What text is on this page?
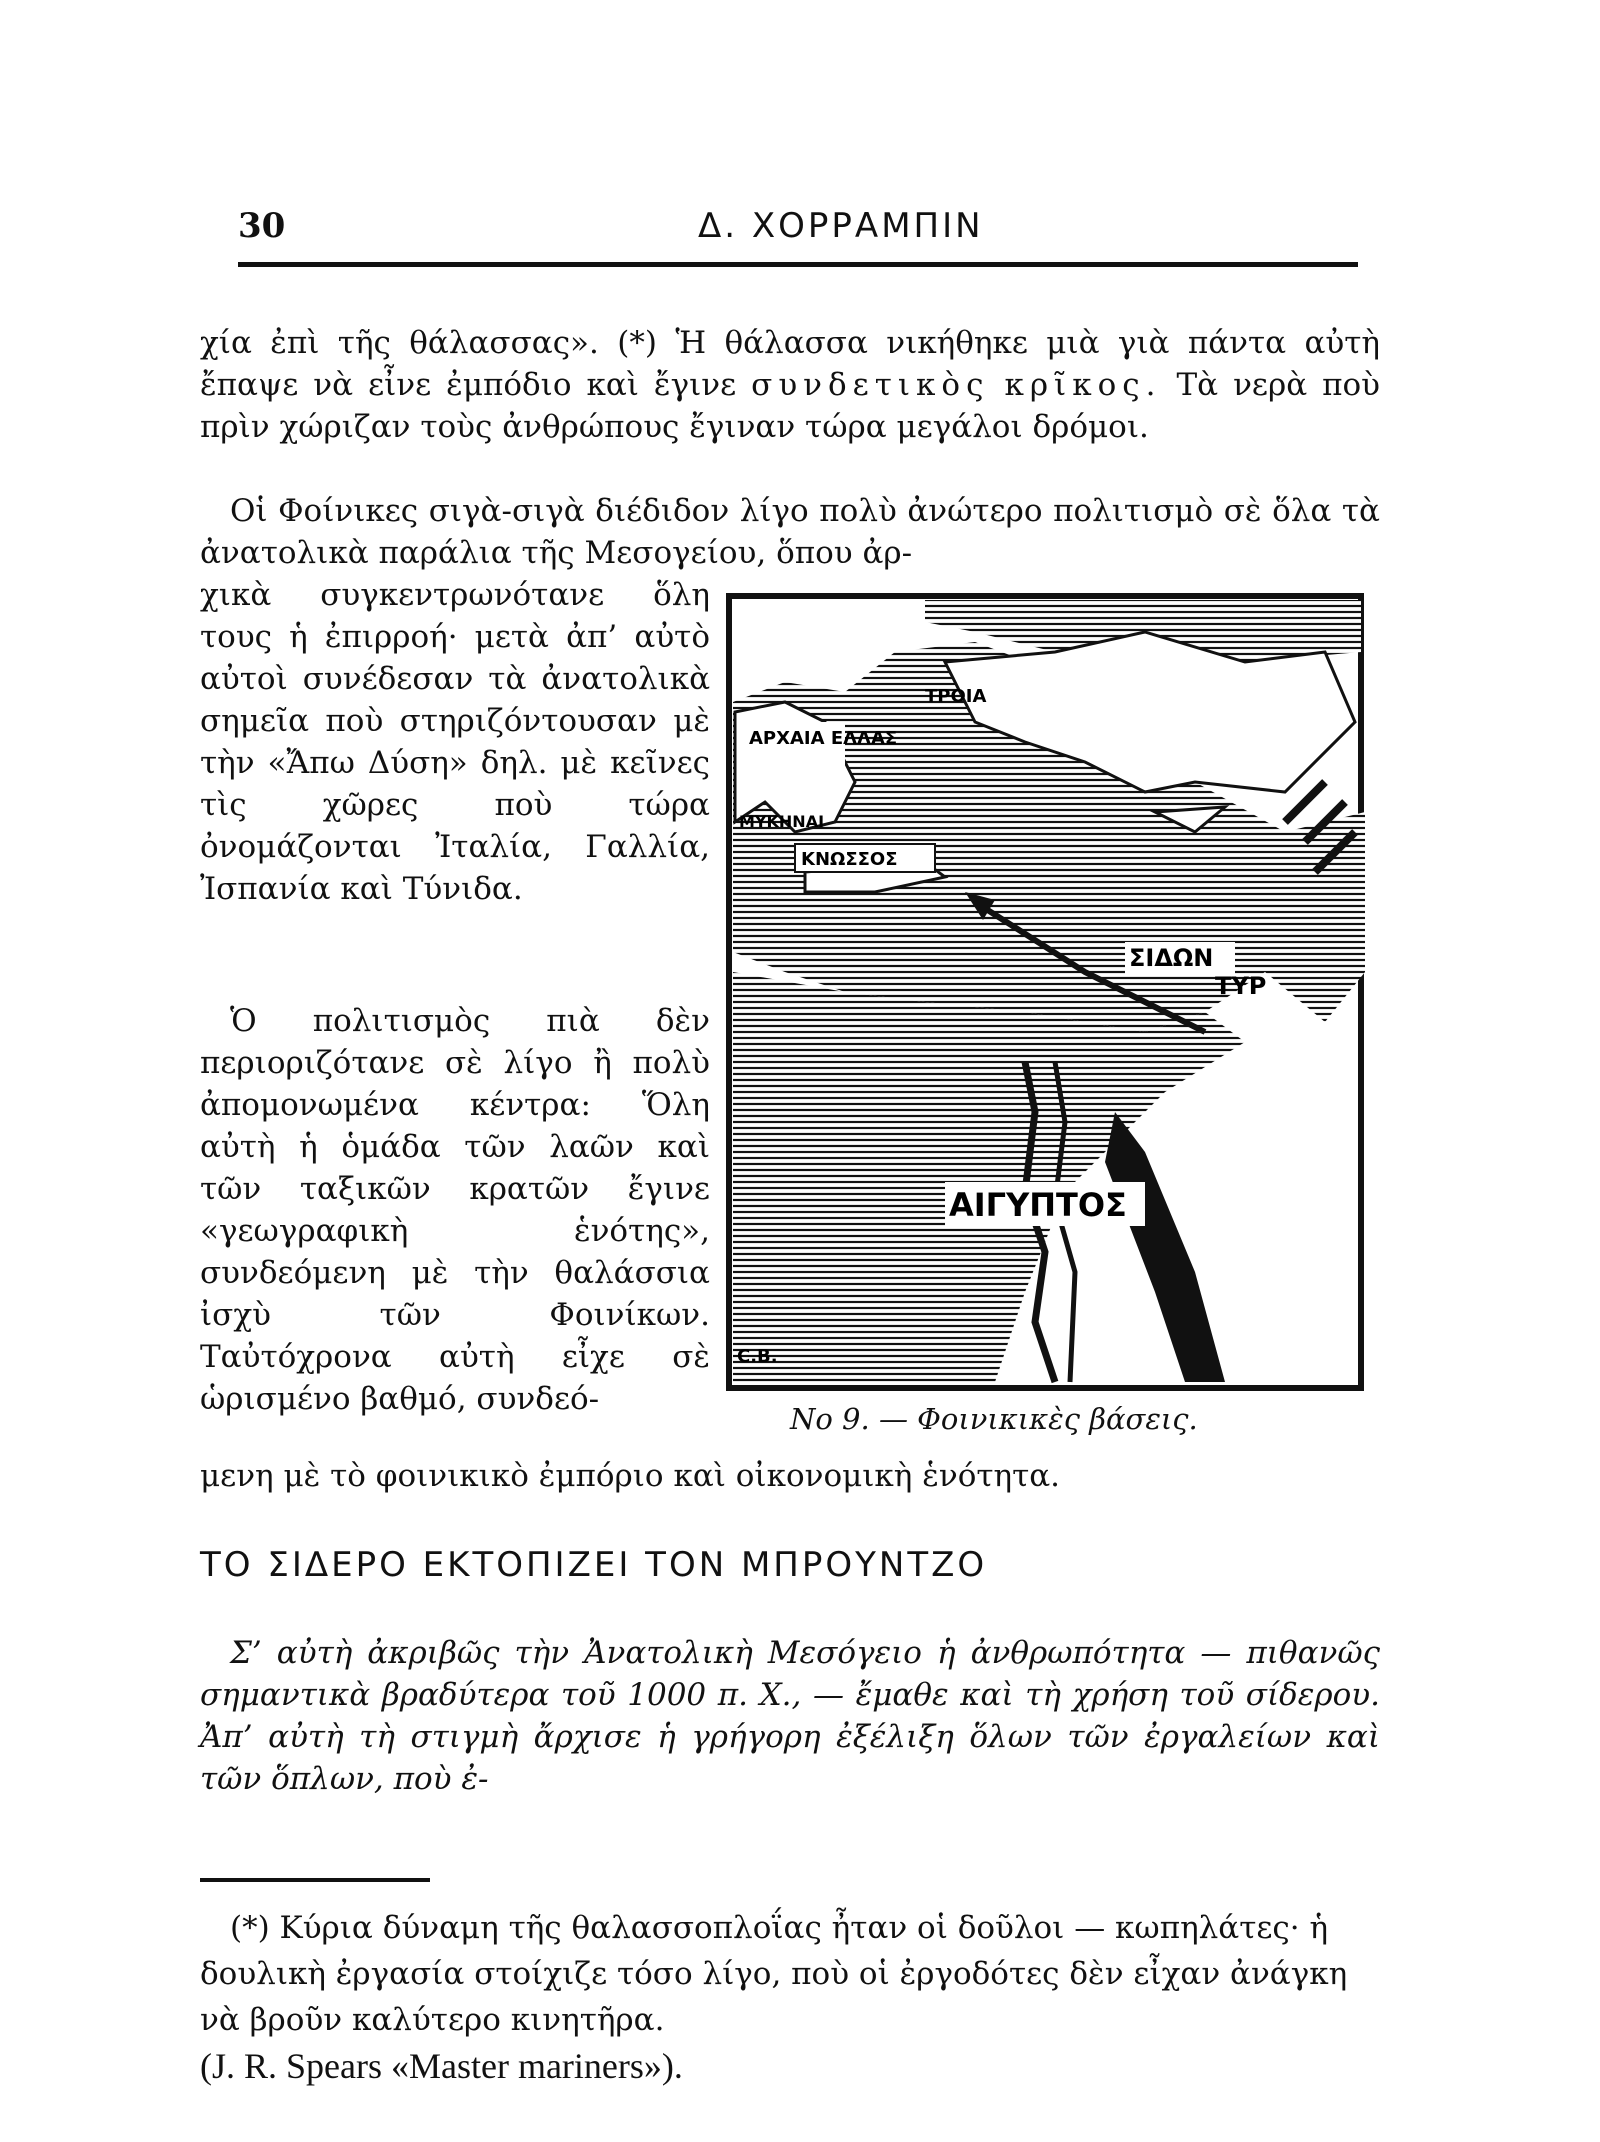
30	Δ. ΧΟΡΡΑΜΠΙΝ
χία ἐπὶ τῆς θάλασσας». (*) Ἡ θάλασσα νικήθηκε μιὰ γιὰ πάντα αὐτὴ ἔπαψε νὰ εἶνε ἐμπόδιο καὶ ἔγινε συνδετικὸς κρῖκος. Τὰ νερὰ ποὺ πρὶν χώριζαν τοὺς ἀνθρώπους ἔγιναν τώρα μεγάλοι δρόμοι.
Οἱ Φοίνικες σιγὰ-σιγὰ διέδιδον λίγο πολὺ ἀνώτερο πολιτισμὸ σὲ ὅλα τὰ ἀνατολικὰ παράλια τῆς Μεσογείου, ὅπου ἀρ-
χικὰ συγκεντρωνότανε ὅλη τους ἡ ἐπιρροή· μετὰ ἀπ’ αὐτὸ αὐτοὶ συνέδεσαν τὰ ἀνατολικὰ σημεῖα ποὺ στηριζόντουσαν μὲ τὴν «Ἄπω Δύση» δηλ. μὲ κεῖνες τὶς χῶρες ποὺ τώρα ὀνομάζονται Ἰταλία, Γαλλία, Ἰσπανία καὶ Τύνιδα.
Ὁ πολιτισμὸς πιὰ δὲν περιοριζότανε σὲ λίγο ἢ πολὺ ἀπομονωμένα κέντρα: Ὅλη αὐτὴ ἡ ὁμάδα τῶν λαῶν καὶ τῶν ταξικῶν κρατῶν ἔγινε «γεωγραφικὴ ἑνότης», συνδεόμενη μὲ τὴν θαλάσσια ἰσχὺ τῶν Φοινίκων. Ταὐτόχρονα αὐτὴ εἶχε σὲ ὡρισμένο βαθμό, συνδεό-
ΑΡΧΑΙΑ ΕΛΛΑΣ
ΤΡΟΙΑ
ΜΥΚΗΝΑΙ
ΚΝΩΣΣΟΣ
ΣΙΔΩΝ
ΤΥΡ
ΑΙΓΥΠΤΟΣ
C.B.
Νο 9. — Φοινικικὲς βάσεις.
μενη μὲ τὸ φοινικικὸ ἐμπόριο καὶ οἰκονομικὴ ἑνότητα.
ΤΟ ΣΙΔΕΡΟ ΕΚΤΟΠΙΖΕΙ ΤΟΝ ΜΠΡΟΥΝΤΖΟ
Σ’ αὐτὴ ἀκριβῶς τὴν Ἀνατολικὴ Μεσόγειο ἡ ἀνθρωπότητα — πιθανῶς σημαντικὰ βραδύτερα τοῦ 1000 π. Χ., — ἔμαθε καὶ τὴ χρήση τοῦ σίδερου. Ἀπ’ αὐτὴ τὴ στιγμὴ ἄρχισε ἡ γρήγορη ἐξέλιξη ὅλων τῶν ἐργαλείων καὶ τῶν ὅπλων, ποὺ ἐ-
(*) Κύρια δύναμη τῆς θαλασσοπλοΐας ἦταν οἱ δοῦλοι — κωπηλάτες· ἡ δουλικὴ ἐργασία στοίχιζε τόσο λίγο, ποὺ οἱ ἐργοδότες δὲν εἶχαν ἀνάγκη νὰ βροῦν καλύτερο κινητῆρα.
(J. R. Spears «Master mariners»).
